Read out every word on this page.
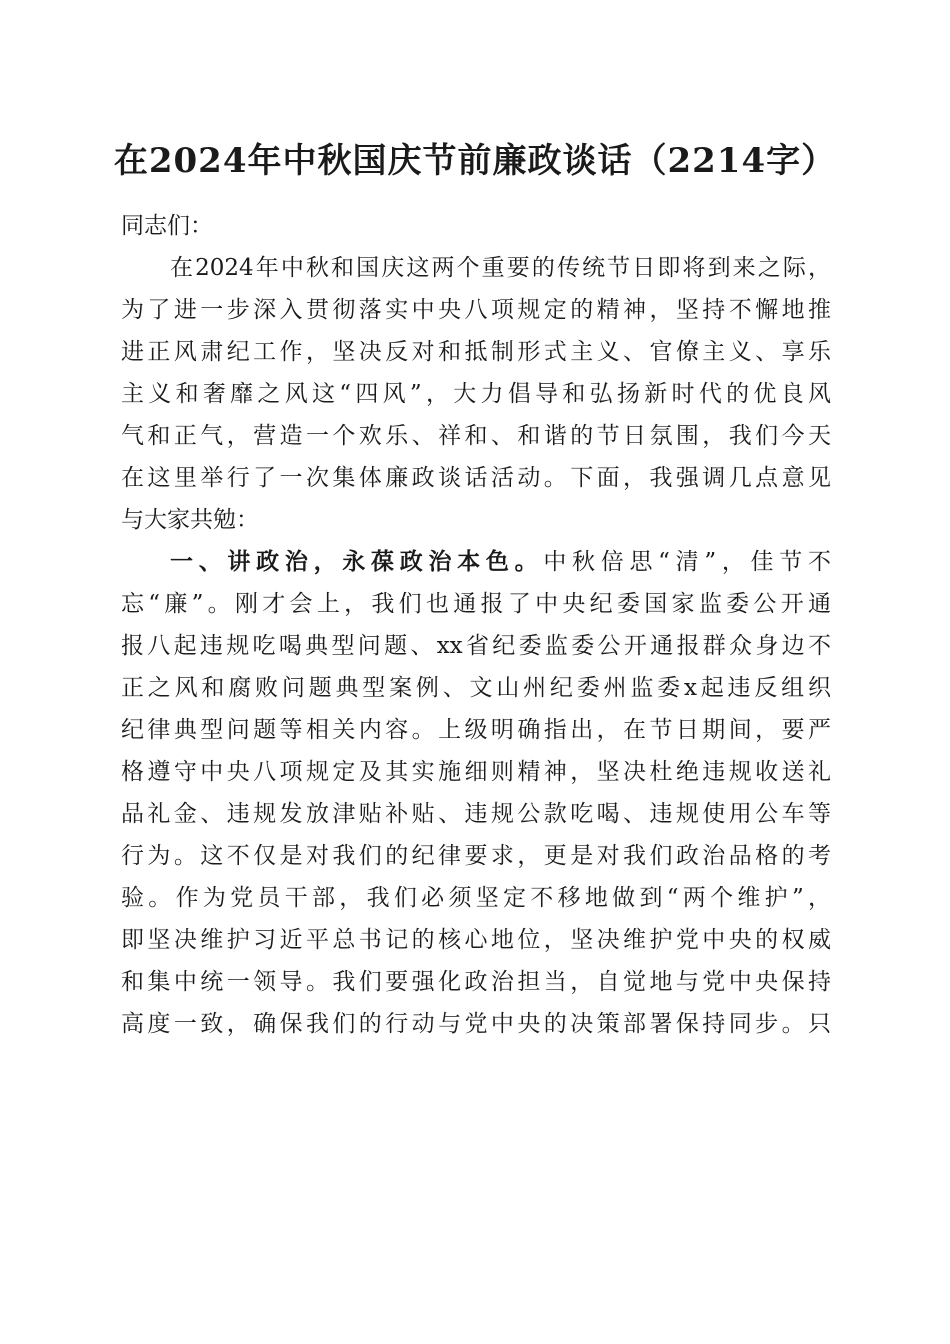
在2024年中秋国庆节前廉政谈话（2214字）
同志们：
在2024年中秋和国庆这两个重要的传统节日即将到来之际，
为了进一步深入贯彻落实中央八项规定的精神，坚持不懈地推
进正风肃纪工作，坚决反对和抵制形式主义、官僚主义、享乐
主义和奢靡之风这“四风”，大力倡导和弘扬新时代的优良风
气和正气，营造一个欢乐、祥和、和谐的节日氛围，我们今天
在这里举行了一次集体廉政谈话活动。下面，我强调几点意见
与大家共勉：
一、讲政治，永葆政治本色。中秋倍思“清”，佳节不
忘“廉”。刚才会上，我们也通报了中央纪委国家监委公开通
报八起违规吃喝典型问题、xx省纪委监委公开通报群众身边不
正之风和腐败问题典型案例、文山州纪委州监委x起违反组织
纪律典型问题等相关内容。上级明确指出，在节日期间，要严
格遵守中央八项规定及其实施细则精神，坚决杜绝违规收送礼
品礼金、违规发放津贴补贴、违规公款吃喝、违规使用公车等
行为。这不仅是对我们的纪律要求，更是对我们政治品格的考
验。作为党员干部，我们必须坚定不移地做到“两个维护”，
即坚决维护习近平总书记的核心地位，坚决维护党中央的权威
和集中统一领导。我们要强化政治担当，自觉地与党中央保持
高度一致，确保我们的行动与党中央的决策部署保持同步。只
